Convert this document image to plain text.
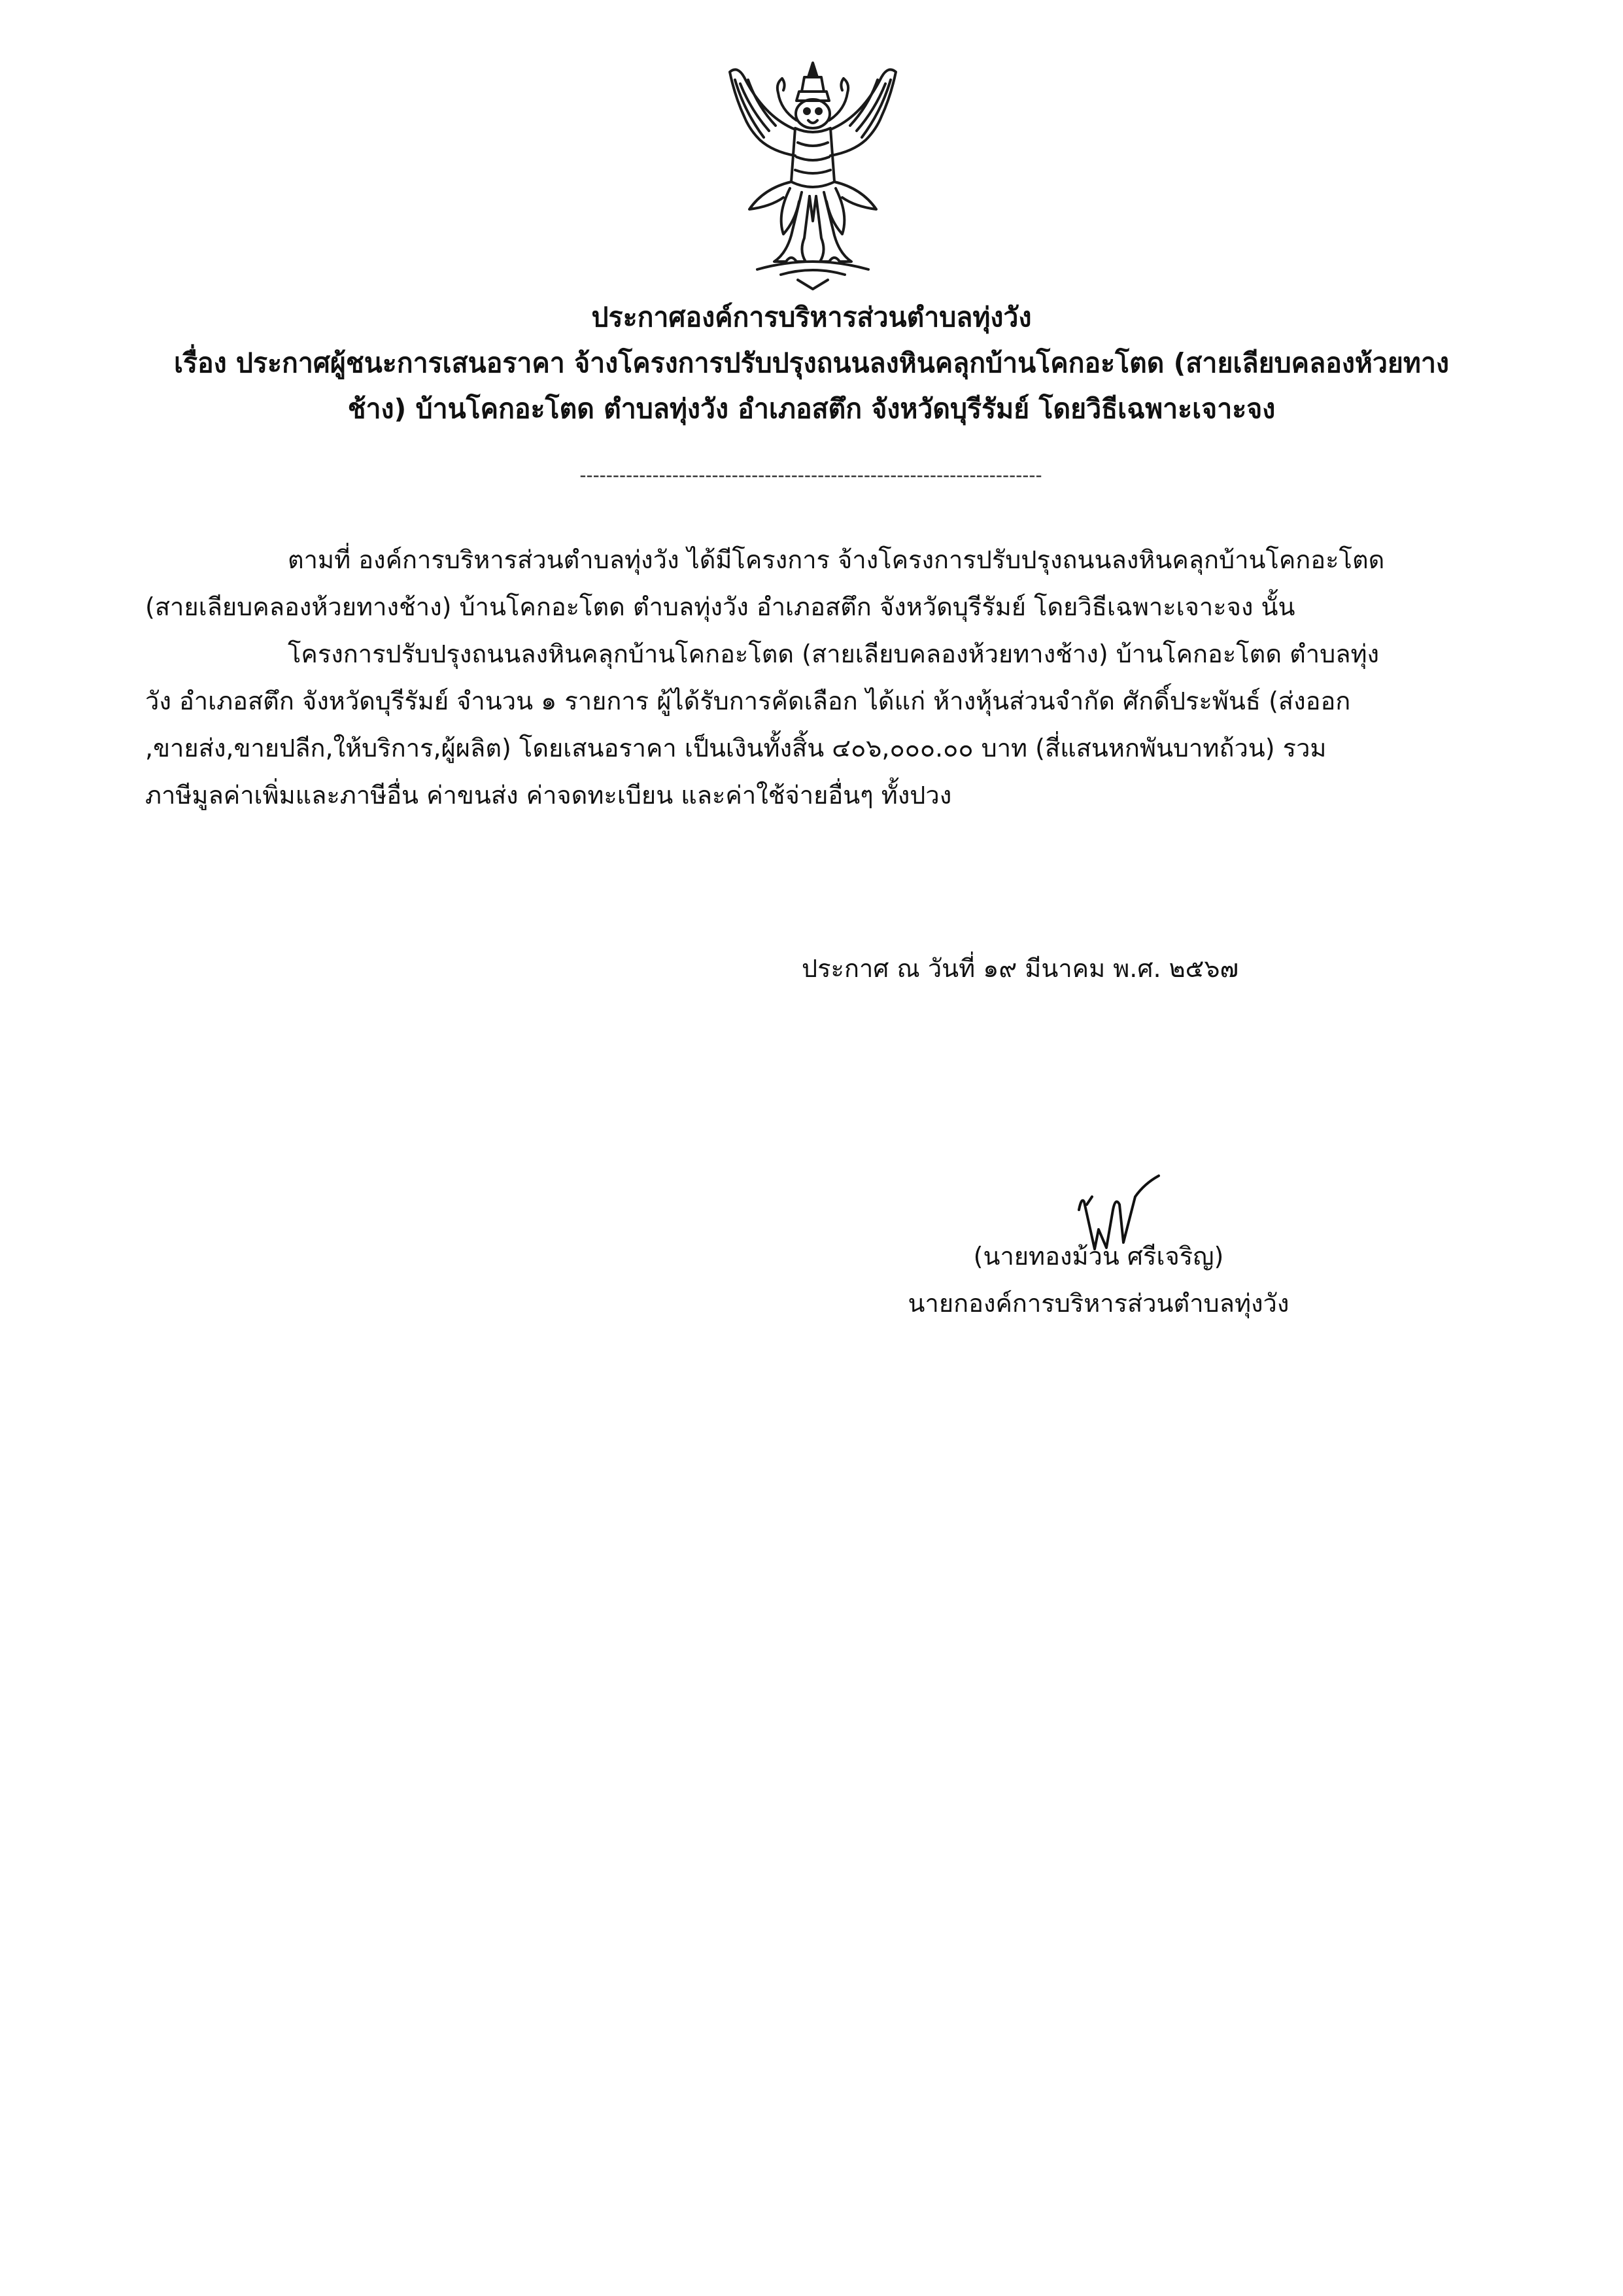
ประกาศองค์การบริหารส่วนตำบลทุ่งวัง
เรื่อง ประกาศผู้ชนะการเสนอราคา จ้างโครงการปรับปรุงถนนลงหินคลุกบ้านโคกอะโตด (สายเลียบคลองห้วยทาง
ช้าง) บ้านโคกอะโตด ตำบลทุ่งวัง อำเภอสตึก จังหวัดบุรีรัมย์ โดยวิธีเฉพาะเจาะจง
----------------------------------------------------------------------
ตามที่ องค์การบริหารส่วนตำบลทุ่งวัง ได้มีโครงการ จ้างโครงการปรับปรุงถนนลงหินคลุกบ้านโคกอะโตด
(สายเลียบคลองห้วยทางช้าง) บ้านโคกอะโตด ตำบลทุ่งวัง อำเภอสตึก จังหวัดบุรีรัมย์ โดยวิธีเฉพาะเจาะจง นั้น
โครงการปรับปรุงถนนลงหินคลุกบ้านโคกอะโตด (สายเลียบคลองห้วยทางช้าง) บ้านโคกอะโตด ตำบลทุ่ง
วัง อำเภอสตึก จังหวัดบุรีรัมย์ จำนวน ๑ รายการ ผู้ได้รับการคัดเลือก ได้แก่ ห้างหุ้นส่วนจำกัด ศักดิ์ประพันธ์ (ส่งออก
,ขายส่ง,ขายปลีก,ให้บริการ,ผู้ผลิต) โดยเสนอราคา เป็นเงินทั้งสิ้น ๔๐๖,๐๐๐.๐๐ บาท (สี่แสนหกพันบาทถ้วน) รวม
ภาษีมูลค่าเพิ่มและภาษีอื่น ค่าขนส่ง ค่าจดทะเบียน และค่าใช้จ่ายอื่นๆ ทั้งปวง
ประกาศ ณ วันที่ ๑๙ มีนาคม พ.ศ. ๒๕๖๗
(นายทองม้วน ศรีเจริญ)
นายกองค์การบริหารส่วนตำบลทุ่งวัง
